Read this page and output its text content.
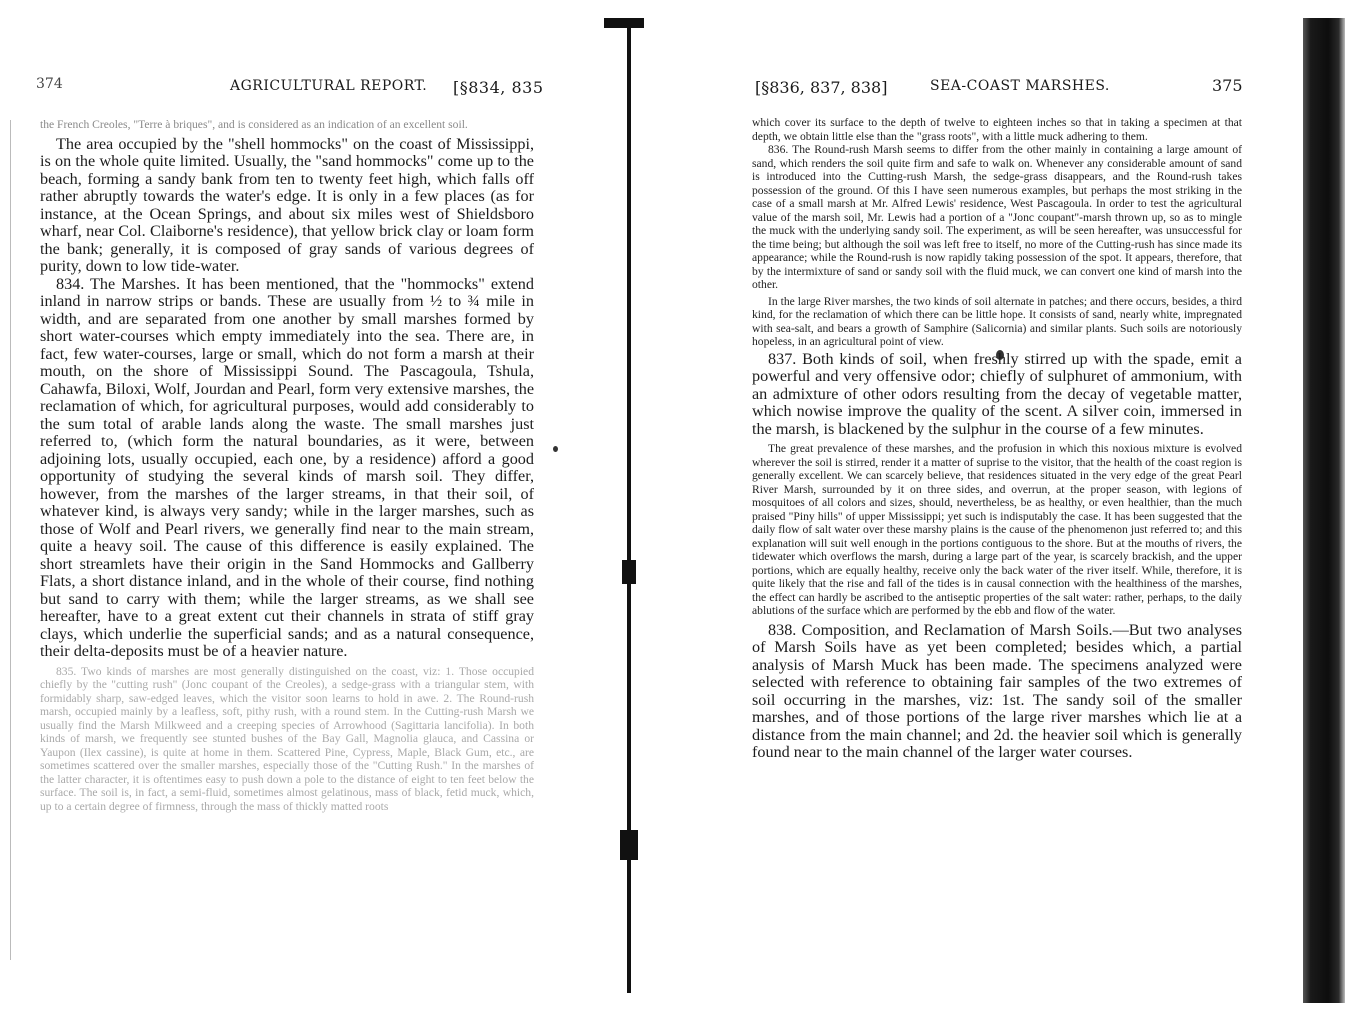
374	AGRICULTURAL REPORT. [§834, 835

the French Creoles, "Terre à briques", and is considered as an indication of an excellent soil.

The area occupied by the "shell hommocks" on the coast of Mississippi, is on the whole quite limited. Usually, the "sand hommocks" come up to the beach, forming a sandy bank from ten to twenty feet high, which falls off rather abruptly towards the water's edge. It is only in a few places (as for instance, at the Ocean Springs, and about six miles west of Shieldsboro wharf, near Col. Claiborne's residence), that yellow brick clay or loam form the bank; generally, it is composed of gray sands of various degrees of purity, down to low tide-water.

834. The Marshes. It has been mentioned, that the "hommocks" extend inland in narrow strips or bands. These are usually from ½ to ¾ mile in width, and are separated from one another by small marshes formed by short water-courses which empty immediately into the sea. There are, in fact, few water-courses, large or small, which do not form a marsh at their mouth, on the shore of Mississippi Sound. The Pascagoula, Tshula, Cahawfa, Biloxi, Wolf, Jourdan and Pearl, form very extensive marshes, the reclamation of which, for agricultural purposes, would add considerably to the sum total of arable lands along the waste. The small marshes just referred to, (which form the natural boundaries, as it were, between adjoining lots, usually occupied, each one, by a residence) afford a good opportunity of studying the several kinds of marsh soil. They differ, however, from the marshes of the larger streams, in that their soil, of whatever kind, is always very sandy; while in the larger marshes, such as those of Wolf and Pearl rivers, we generally find near to the main stream, quite a heavy soil. The cause of this difference is easily explained. The short streamlets have their origin in the Sand Hommocks and Gallberry Flats, a short distance inland, and in the whole of their course, find nothing but sand to carry with them; while the larger streams, as we shall see hereafter, have to a great extent cut their channels in strata of stiff gray clays, which underlie the superficial sands; and as a natural consequence, their delta-deposits must be of a heavier nature.

835. Two kinds of marshes are most generally distinguished on the coast, viz: 1. Those occupied chiefly by the "cutting rush" (Jonc coupant of the Creoles), a sedge-grass with a triangular stem, with formidably sharp, saw-edged leaves, which the visitor soon learns to hold in awe. 2. The Round-rush marsh, occupied mainly by a leafless, soft, pithy rush, with a round stem. In the Cutting-rush Marsh we usually find the Marsh Milkweed and a creeping species of Arrowhood (Sagittaria lancifolia). In both kinds of marsh, we frequently see stunted bushes of the Bay Gall, Magnolia glauca, and Cassina or Yaupon (Ilex cassine), is quite at home in them. Scattered Pine, Cypress, Maple, Black Gum, etc., are sometimes scattered over the smaller marshes, especially those of the "Cutting Rush." In the marshes of the latter character, it is oftentimes easy to push down a pole to the distance of eight to ten feet below the surface. The soil is, in fact, a semi-fluid, sometimes almost gelatinous, mass of black, fetid muck, which, up to a certain degree of firmness, through the mass of thickly matted roots

[§836, 837, 838]	SEA-COAST MARSHES.	375

which cover its surface to the depth of twelve to eighteen inches so that in taking a specimen at that depth, we obtain little else than the "grass roots", with a little muck adhering to them.

836. The Round-rush Marsh seems to differ from the other mainly in containing a large amount of sand, which renders the soil quite firm and safe to walk on. Whenever any considerable amount of sand is introduced into the Cutting-rush Marsh, the sedge-grass disappears, and the Round-rush takes possession of the ground. Of this I have seen numerous examples, but perhaps the most striking in the case of a small marsh at Mr. Alfred Lewis' residence, West Pascagoula. In order to test the agricultural value of the marsh soil, Mr. Lewis had a portion of a "Jonc coupant"-marsh thrown up, so as to mingle the muck with the underlying sandy soil. The experiment, as will be seen hereafter, was unsuccessful for the time being; but although the soil was left free to itself, no more of the Cutting-rush has since made its appearance; while the Round-rush is now rapidly taking possession of the spot. It appears, therefore, that by the intermixture of sand or sandy soil with the fluid muck, we can convert one kind of marsh into the other.

In the large River marshes, the two kinds of soil alternate in patches; and there occurs, besides, a third kind, for the reclamation of which there can be little hope. It consists of sand, nearly white, impregnated with sea-salt, and bears a growth of Samphire (Salicornia) and similar plants. Such soils are notoriously hopeless, in an agricultural point of view.

837. Both kinds of soil, when freshly stirred up with the spade, emit a powerful and very offensive odor; chiefly of sulphuret of ammonium, with an admixture of other odors resulting from the decay of vegetable matter, which nowise improve the quality of the scent. A silver coin, immersed in the marsh, is blackened by the sulphur in the course of a few minutes.

The great prevalence of these marshes, and the profusion in which this noxious mixture is evolved wherever the soil is stirred, render it a matter of suprise to the visitor, that the health of the coast region is generally excellent. We can scarcely believe, that residences situated in the very edge of the great Pearl River Marsh, surrounded by it on three sides, and overrun, at the proper season, with legions of mosquitoes of all colors and sizes, should, nevertheless, be as healthy, or even healthier, than the much praised "Piny hills" of upper Mississippi; yet such is indisputably the case. It has been suggested that the daily flow of salt water over these marshy plains is the cause of the phenomenon just referred to; and this explanation will suit well enough in the portions contiguous to the shore. But at the mouths of rivers, the tidewater which overflows the marsh, during a large part of the year, is scarcely brackish, and the upper portions, which are equally healthy, receive only the back water of the river itself. While, therefore, it is quite likely that the rise and fall of the tides is in causal connection with the healthiness of the marshes, the effect can hardly be ascribed to the antiseptic properties of the salt water: rather, perhaps, to the daily ablutions of the surface which are performed by the ebb and flow of the water.

838. Composition, and Reclamation of Marsh Soils.—But two analyses of Marsh Soils have as yet been completed; besides which, a partial analysis of Marsh Muck has been made. The specimens analyzed were selected with reference to obtaining fair samples of the two extremes of soil occurring in the marshes, viz: 1st. The sandy soil of the smaller marshes, and of those portions of the large river marshes which lie at a distance from the main channel; and 2d. the heavier soil which is generally found near to the main channel of the larger water courses.
